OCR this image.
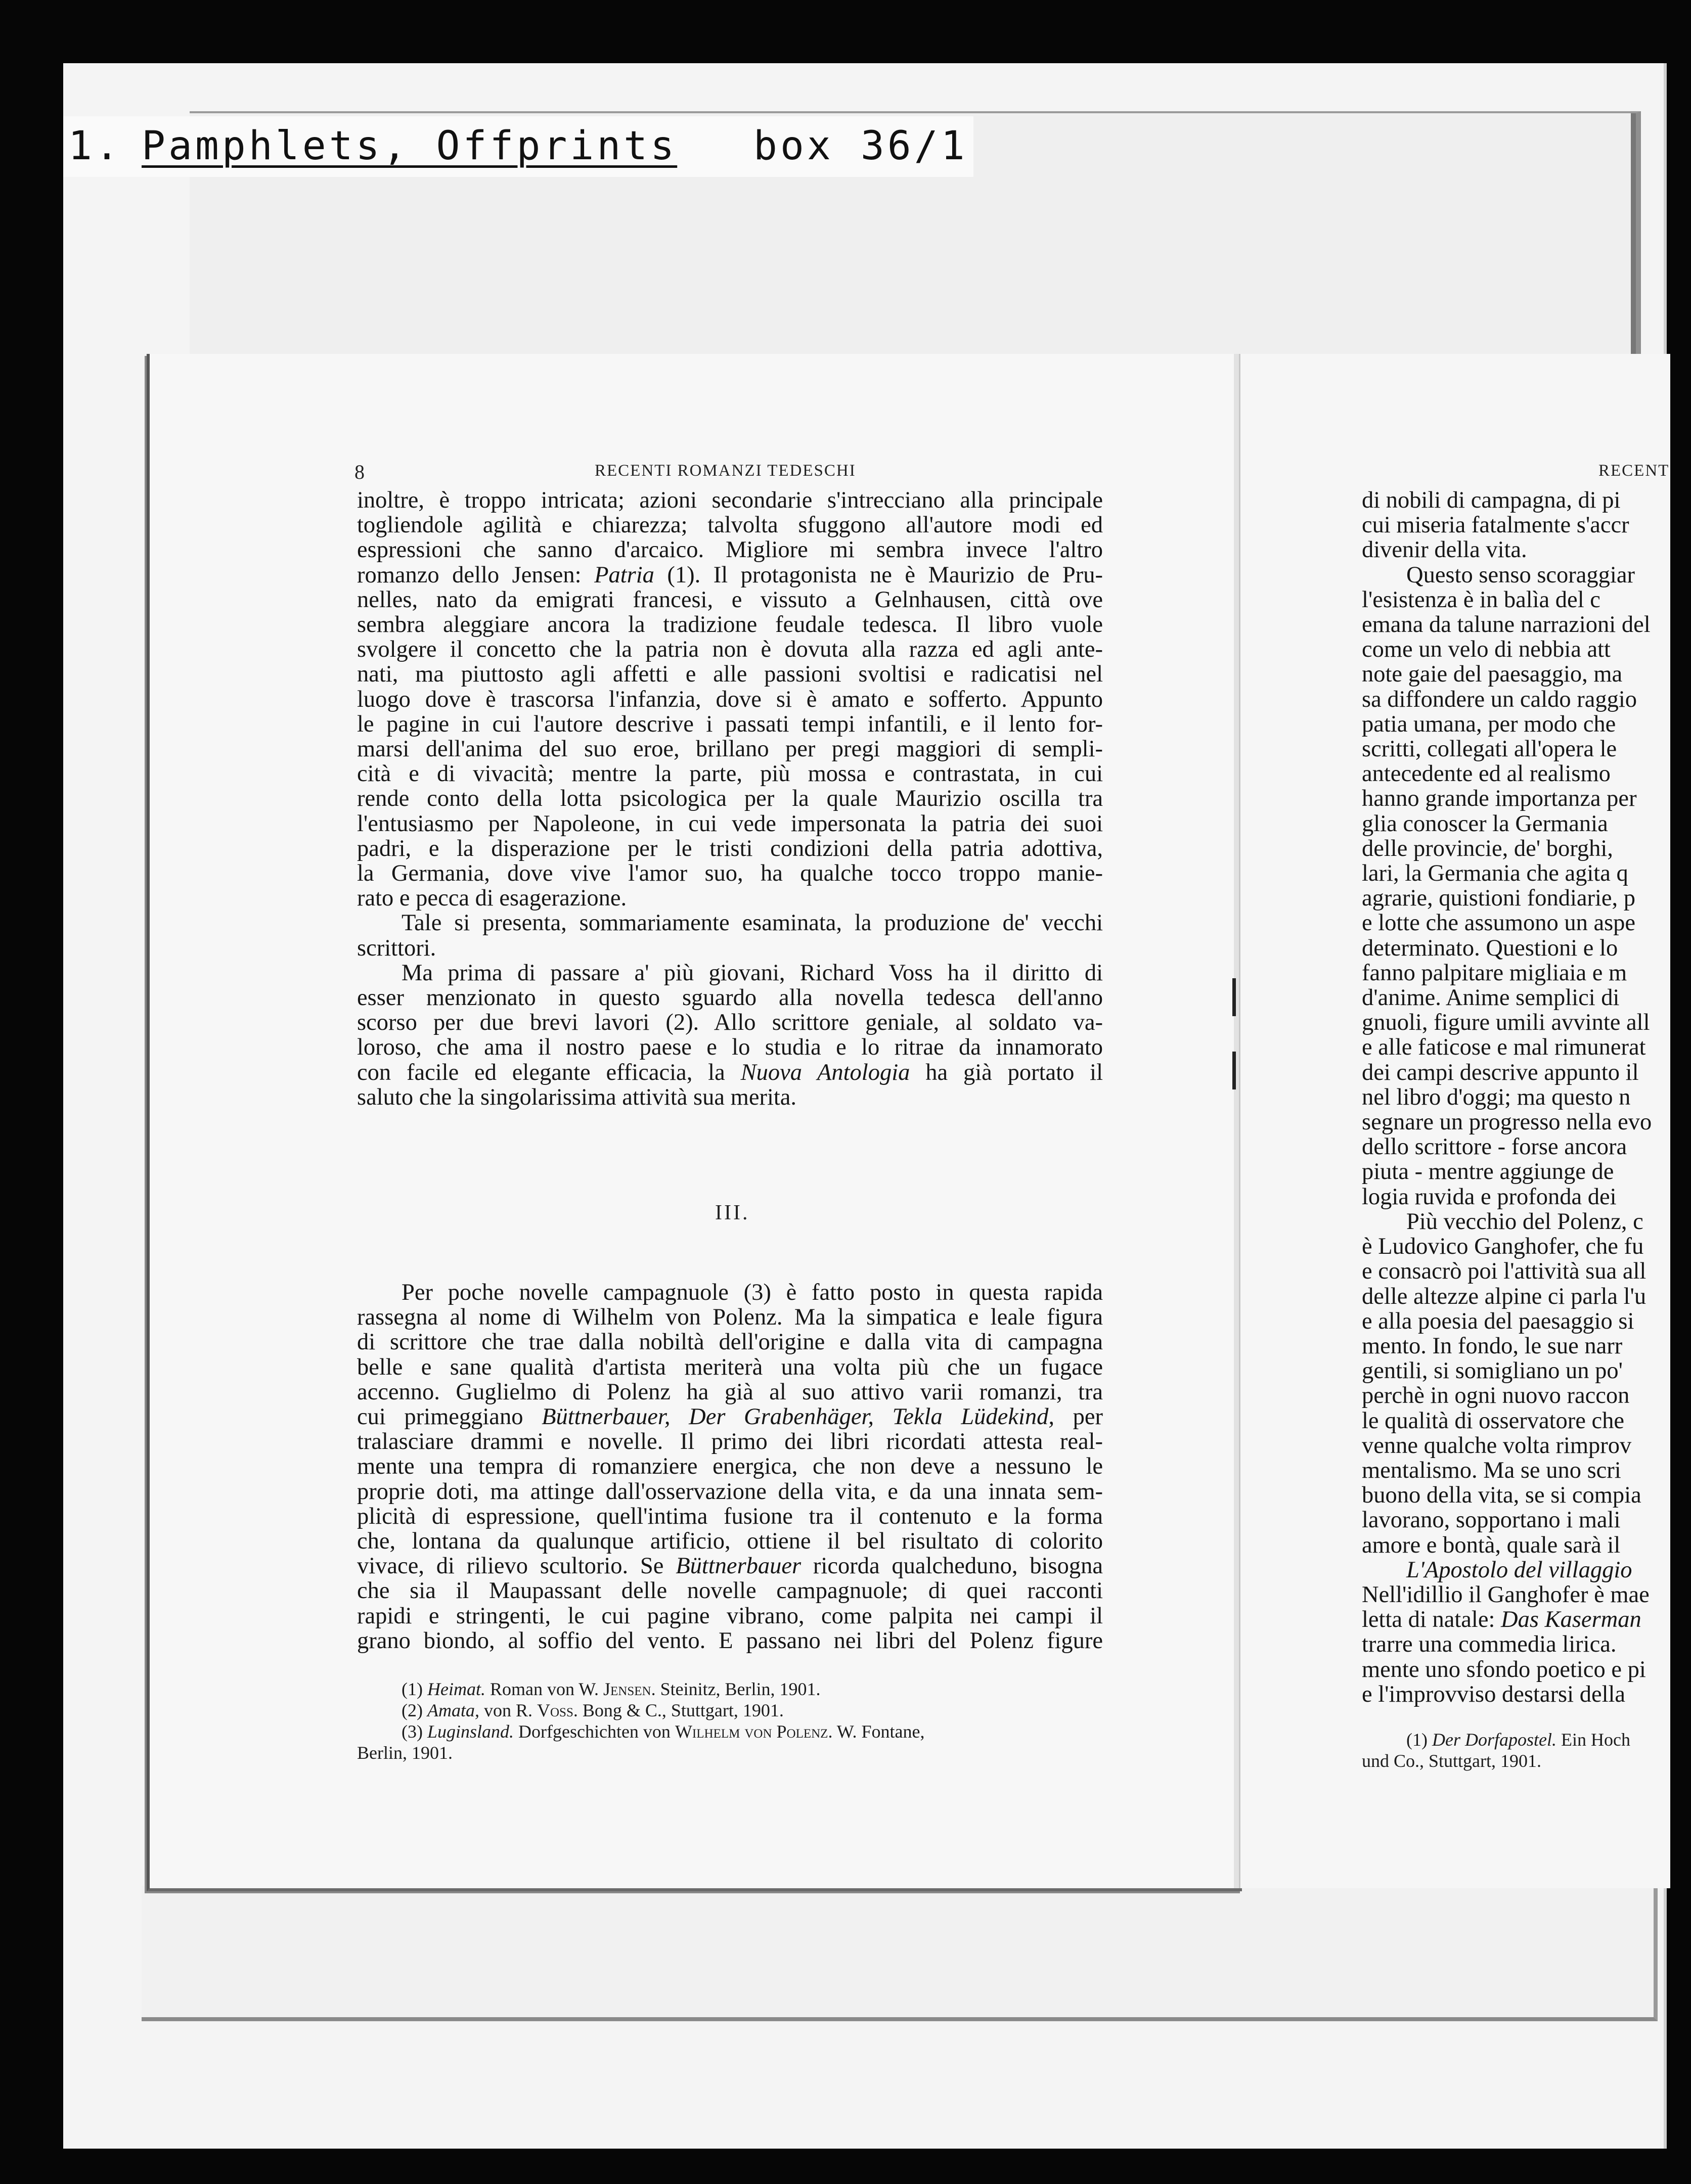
1. Pamphlets, Offprints box 36/1
8	RECENTI ROMANZI TEDESCHI
inoltre, è troppo intricata; azioni secondarie s'intrecciano alla principale
togliendole agilità e chiarezza; talvolta sfuggono all'autore modi ed
espressioni che sanno d'arcaico. Migliore mi sembra invece l'altro
romanzo dello Jensen: Patria (1). Il protagonista ne è Maurizio de Pru-
nelles, nato da emigrati francesi, e vissuto a Gelnhausen, città ove
sembra aleggiare ancora la tradizione feudale tedesca. Il libro vuole
svolgere il concetto che la patria non è dovuta alla razza ed agli ante-
nati, ma piuttosto agli affetti e alle passioni svoltisi e radicatisi nel
luogo dove è trascorsa l'infanzia, dove si è amato e sofferto. Appunto
le pagine in cui l'autore descrive i passati tempi infantili, e il lento for-
marsi dell'anima del suo eroe, brillano per pregi maggiori di sempli-
cità e di vivacità; mentre la parte, più mossa e contrastata, in cui
rende conto della lotta psicologica per la quale Maurizio oscilla tra
l'entusiasmo per Napoleone, in cui vede impersonata la patria dei suoi
padri, e la disperazione per le tristi condizioni della patria adottiva,
la Germania, dove vive l'amor suo, ha qualche tocco troppo manie-
rato e pecca di esagerazione.
Tale si presenta, sommariamente esaminata, la produzione de' vecchi
scrittori.
Ma prima di passare a' più giovani, Richard Voss ha il diritto di
esser menzionato in questo sguardo alla novella tedesca dell'anno
scorso per due brevi lavori (2). Allo scrittore geniale, al soldato va-
loroso, che ama il nostro paese e lo studia e lo ritrae da innamorato
con facile ed elegante efficacia, la Nuova Antologia ha già portato il
saluto che la singolarissima attività sua merita.
III.
Per poche novelle campagnuole (3) è fatto posto in questa rapida
rassegna al nome di Wilhelm von Polenz. Ma la simpatica e leale figura
di scrittore che trae dalla nobiltà dell'origine e dalla vita di campagna
belle e sane qualità d'artista meriterà una volta più che un fugace
accenno. Guglielmo di Polenz ha già al suo attivo varii romanzi, tra
cui primeggiano Büttnerbauer, Der Grabenhäger, Tekla Lüdekind, per
tralasciare drammi e novelle. Il primo dei libri ricordati attesta real-
mente una tempra di romanziere energica, che non deve a nessuno le
proprie doti, ma attinge dall'osservazione della vita, e da una innata sem-
plicità di espressione, quell'intima fusione tra il contenuto e la forma
che, lontana da qualunque artificio, ottiene il bel risultato di colorito
vivace, di rilievo scultorio. Se Büttnerbauer ricorda qualcheduno, bisogna
che sia il Maupassant delle novelle campagnuole; di quei racconti
rapidi e stringenti, le cui pagine vibrano, come palpita nei campi il
grano biondo, al soffio del vento. E passano nei libri del Polenz figure
(1) Heimat. Roman von W. Jensen. Steinitz, Berlin, 1901.
(2) Amata, von R. Voss. Bong & C., Stuttgart, 1901.
(3) Luginsland. Dorfgeschichten von Wilhelm von Polenz. W. Fontane,
Berlin, 1901.
RECENT
di nobili di campagna, di pi
cui miseria fatalmente s'accr
divenir della vita.
Questo senso scoraggiar
l'esistenza è in balìa del c
emana da talune narrazioni del
come un velo di nebbia att
note gaie del paesaggio, ma
sa diffondere un caldo raggio
patia umana, per modo che
scritti, collegati all'opera le
antecedente ed al realismo
hanno grande importanza per
glia conoscer la Germania
delle provincie, de' borghi,
lari, la Germania che agita q
agrarie, quistioni fondiarie, p
e lotte che assumono un aspe
determinato. Questioni e lo
fanno palpitare migliaia e m
d'anime. Anime semplici di
gnuoli, figure umili avvinte all
e alle faticose e mal rimunerat
dei campi descrive appunto il
nel libro d'oggi; ma questo n
segnare un progresso nella evo
dello scrittore - forse ancora
piuta - mentre aggiunge de
logia ruvida e profonda dei
Più vecchio del Polenz, c
è Ludovico Ganghofer, che fu
e consacrò poi l'attività sua all
delle altezze alpine ci parla l'u
e alla poesia del paesaggio si
mento. In fondo, le sue narr
gentili, si somigliano un po'
perchè in ogni nuovo raccon
le qualità di osservatore che
venne qualche volta rimprov
mentalismo. Ma se uno scri
buono della vita, se si compia
lavorano, sopportano i mali
amore e bontà, quale sarà il
L'Apostolo del villaggio
Nell'idillio il Ganghofer è mae
letta di natale: Das Kaserman
trarre una commedia lirica.
mente uno sfondo poetico e pi
e l'improvviso destarsi della
(1) Der Dorfapostel. Ein Hoch
und Co., Stuttgart, 1901.
